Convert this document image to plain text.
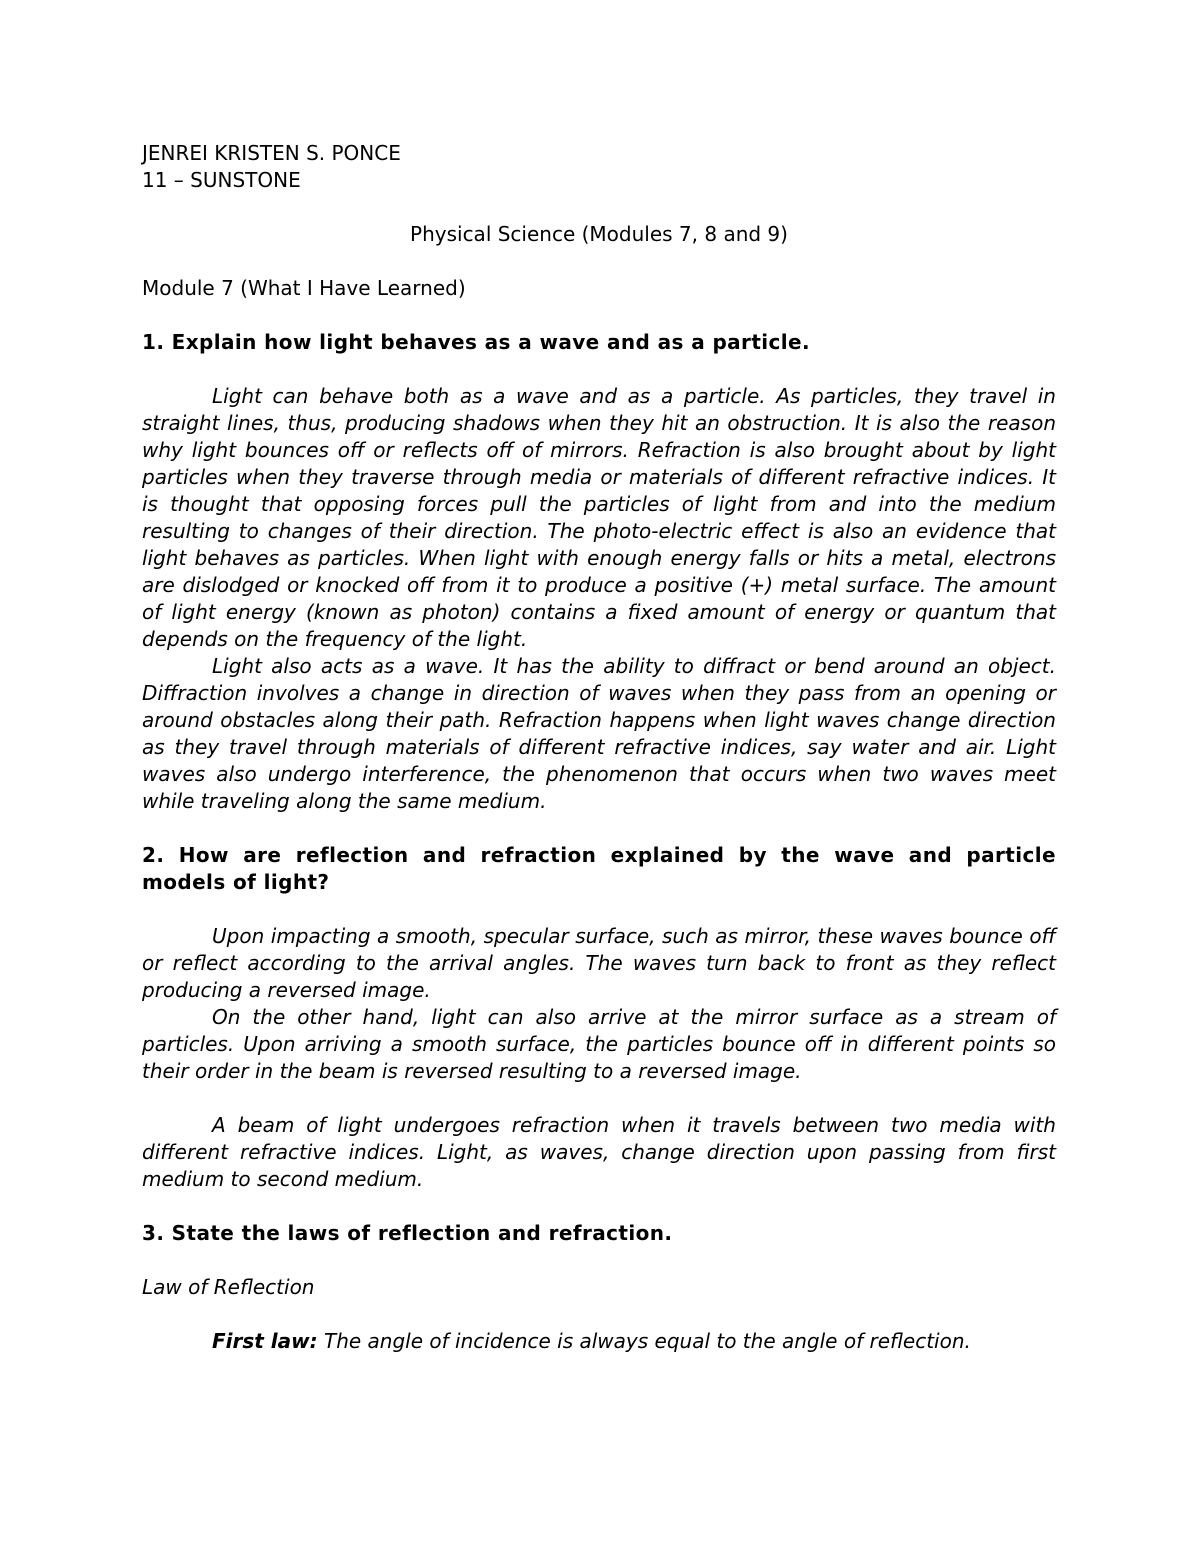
JENREI KRISTEN S. PONCE

11 – SUNSTONE

Physical Science (Modules 7, 8 and 9)

Module 7 (What I Have Learned)

1. Explain how light behaves as a wave and as a particle.

Light can behave both as a wave and as a particle. As particles, they travel in straight lines, thus, producing shadows when they hit an obstruction. It is also the reason why light bounces off or reflects off of mirrors. Refraction is also brought about by light particles when they traverse through media or materials of different refractive indices. It is thought that opposing forces pull the particles of light from and into the medium resulting to changes of their direction. The photo-electric effect is also an evidence that light behaves as particles. When light with enough energy falls or hits a metal, electrons are dislodged or knocked off from it to produce a positive (+) metal surface. The amount of light energy (known as photon) contains a fixed amount of energy or quantum that depends on the frequency of the light.

Light also acts as a wave. It has the ability to diffract or bend around an object. Diffraction involves a change in direction of waves when they pass from an opening or around obstacles along their path. Refraction happens when light waves change direction as they travel through materials of different refractive indices, say water and air. Light waves also undergo interference, the phenomenon that occurs when two waves meet while traveling along the same medium.

2. How are reflection and refraction explained by the wave and particle models of light?

Upon impacting a smooth, specular surface, such as mirror, these waves bounce off or reflect according to the arrival angles. The waves turn back to front as they reflect producing a reversed image.

On the other hand, light can also arrive at the mirror surface as a stream of particles. Upon arriving a smooth surface, the particles bounce off in different points so their order in the beam is reversed resulting to a reversed image.

A beam of light undergoes refraction when it travels between two media with different refractive indices. Light, as waves, change direction upon passing from first medium to second medium.

3. State the laws of reflection and refraction.

Law of Reflection

First law: The angle of incidence is always equal to the angle of reflection.
